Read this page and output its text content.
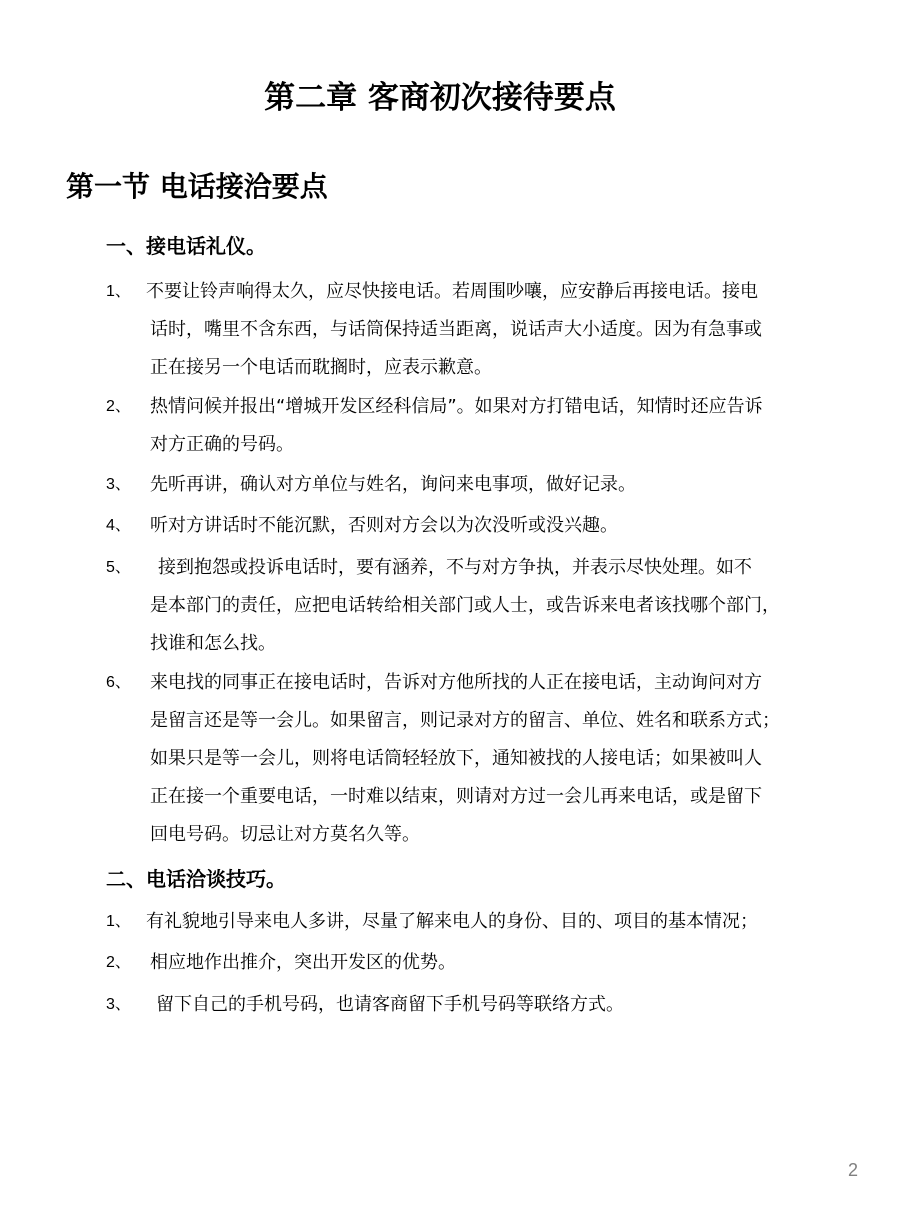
第二章 客商初次接待要点
第一节 电话接洽要点
一、接电话礼仪。
1、 不要让铃声响得太久，应尽快接电话。若周围吵嚷，应安静后再接电话。接电
话时，嘴里不含东西，与话筒保持适当距离，说话声大小适度。因为有急事或
正在接另一个电话而耽搁时，应表示歉意。
2、 热情问候并报出“增城开发区经科信局”。如果对方打错电话，知情时还应告诉
对方正确的号码。
3、 先听再讲，确认对方单位与姓名，询问来电事项，做好记录。
4、 听对方讲话时不能沉默，否则对方会以为次没听或没兴趣。
5、 接到抱怨或投诉电话时，要有涵养，不与对方争执，并表示尽快处理。如不
是本部门的责任，应把电话转给相关部门或人士，或告诉来电者该找哪个部门，
找谁和怎么找。
6、 来电找的同事正在接电话时，告诉对方他所找的人正在接电话，主动询问对方
是留言还是等一会儿。如果留言，则记录对方的留言、单位、姓名和联系方式；
如果只是等一会儿，则将电话筒轻轻放下，通知被找的人接电话；如果被叫人
正在接一个重要电话，一时难以结束，则请对方过一会儿再来电话，或是留下
回电号码。切忌让对方莫名久等。
二、电话洽谈技巧。
1、 有礼貌地引导来电人多讲，尽量了解来电人的身份、目的、项目的基本情况；
2、 相应地作出推介，突出开发区的优势。
3、 留下自己的手机号码，也请客商留下手机号码等联络方式。
2
